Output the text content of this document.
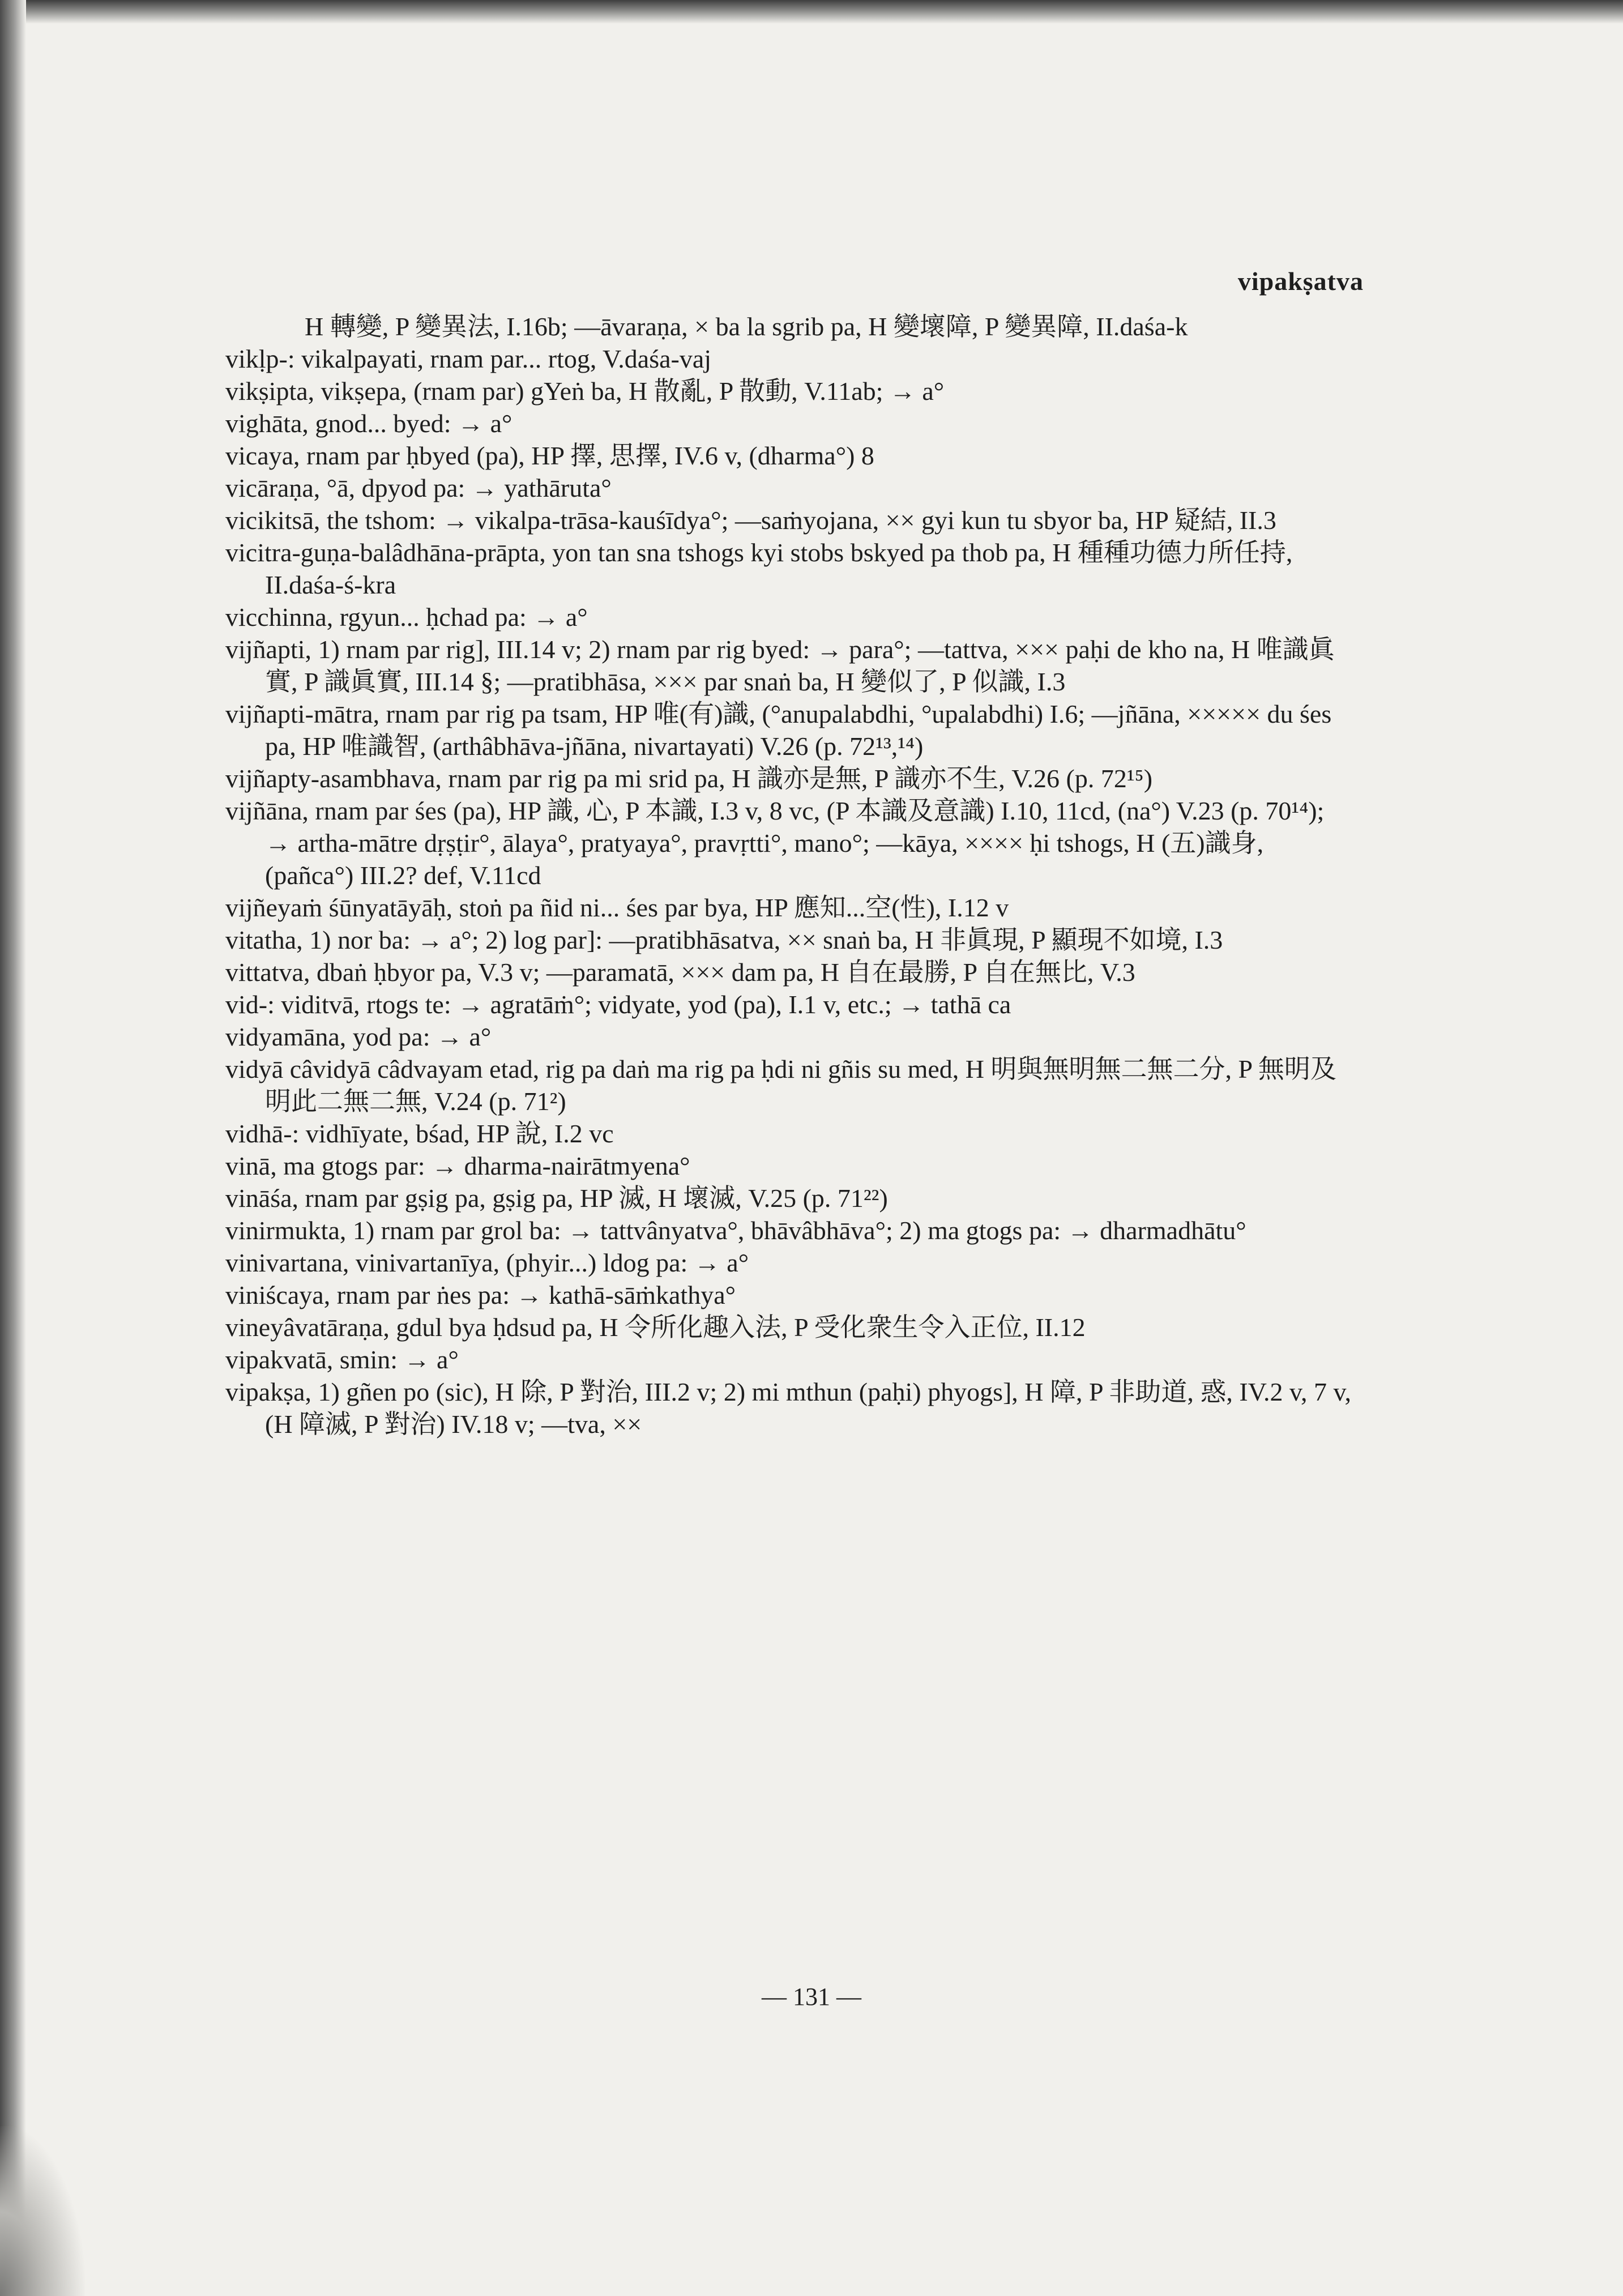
vipakṣatva

H 轉變, P 變異法, I.16b; —āvaraṇa, × ba la sgrib pa, H 變壞障, P 變異障, II.daśa-k

vikḷp-: vikalpayati, rnam par... rtog, V.daśa-vaj

vikṣipta, vikṣepa, (rnam par) gYeṅ ba, H 散亂, P 散動, V.11ab; → a°

vighāta, gnod... byed: → a°

vicaya, rnam par ḥbyed (pa), HP 擇, 思擇, IV.6 v, (dharma°) 8

vicāraṇa, °ā, dpyod pa: → yathāruta°

vicikitsā, the tshom: → vikalpa-trāsa-kauśīdya°; —saṁyojana, ×× gyi kun tu sbyor ba, HP 疑結, II.3

vicitra-guṇa-balâdhāna-prāpta, yon tan sna tshogs kyi stobs bskyed pa thob pa, H 種種功德力所任持, II.daśa-ś-kra

vicchinna, rgyun... ḥchad pa: → a°

vijñapti, 1) rnam par rig], III.14 v; 2) rnam par rig byed: → para°; —tattva, ××× paḥi de kho na, H 唯識眞實, P 識眞實, III.14 §; —pratibhāsa, ××× par snaṅ ba, H 變似了, P 似識, I.3

vijñapti-mātra, rnam par rig pa tsam, HP 唯(有)識, (°anupalabdhi, °upalabdhi) I.6; —jñāna, ××××× du śes pa, HP 唯識智, (arthâbhāva-jñāna, nivartayati) V.26 (p. 72¹³,¹⁴)

vijñapty-asambhava, rnam par rig pa mi srid pa, H 識亦是無, P 識亦不生, V.26 (p. 72¹⁵)

vijñāna, rnam par śes (pa), HP 識, 心, P 本識, I.3 v, 8 vc, (P 本識及意識) I.10, 11cd, (na°) V.23 (p. 70¹⁴); → artha-mātre dṛṣṭir°, ālaya°, pratyaya°, pravṛtti°, mano°; —kāya, ×××× ḥi tshogs, H (五)識身, (pañca°) III.2? def, V.11cd

vijñeyaṁ śūnyatāyāḥ, stoṅ pa ñid ni... śes par bya, HP 應知...空(性), I.12 v

vitatha, 1) nor ba: → a°; 2) log par]: —pratibhāsatva, ×× snaṅ ba, H 非眞現, P 顯現不如境, I.3

vittatva, dbaṅ ḥbyor pa, V.3 v; —paramatā, ××× dam pa, H 自在最勝, P 自在無比, V.3

vid-: viditvā, rtogs te: → agratāṁ°; vidyate, yod (pa), I.1 v, etc.; → tathā ca

vidyamāna, yod pa: → a°

vidyā câvidyā câdvayam etad, rig pa daṅ ma rig pa ḥdi ni gñis su med, H 明與無明無二無二分, P 無明及明此二無二無, V.24 (p. 71²)

vidhā-: vidhīyate, bśad, HP 說, I.2 vc

vinā, ma gtogs par: → dharma-nairātmyena°

vināśa, rnam par gṣig pa, gṣig pa, HP 滅, H 壞滅, V.25 (p. 71²²)

vinirmukta, 1) rnam par grol ba: → tattvânyatva°, bhāvâbhāva°; 2) ma gtogs pa: → dharmadhātu°

vinivartana, vinivartanīya, (phyir...) ldog pa: → a°

viniścaya, rnam par ṅes pa: → kathā-sāṁkathya°

vineyâvatāraṇa, gdul bya ḥdsud pa, H 令所化趣入法, P 受化衆生令入正位, II.12

vipakvatā, smin: → a°

vipakṣa, 1) gñen po (sic), H 除, P 對治, III.2 v; 2) mi mthun (paḥi) phyogs], H 障, P 非助道, 惑, IV.2 v, 7 v, (H 障滅, P 對治) IV.18 v; —tva, ××

— 131 —
